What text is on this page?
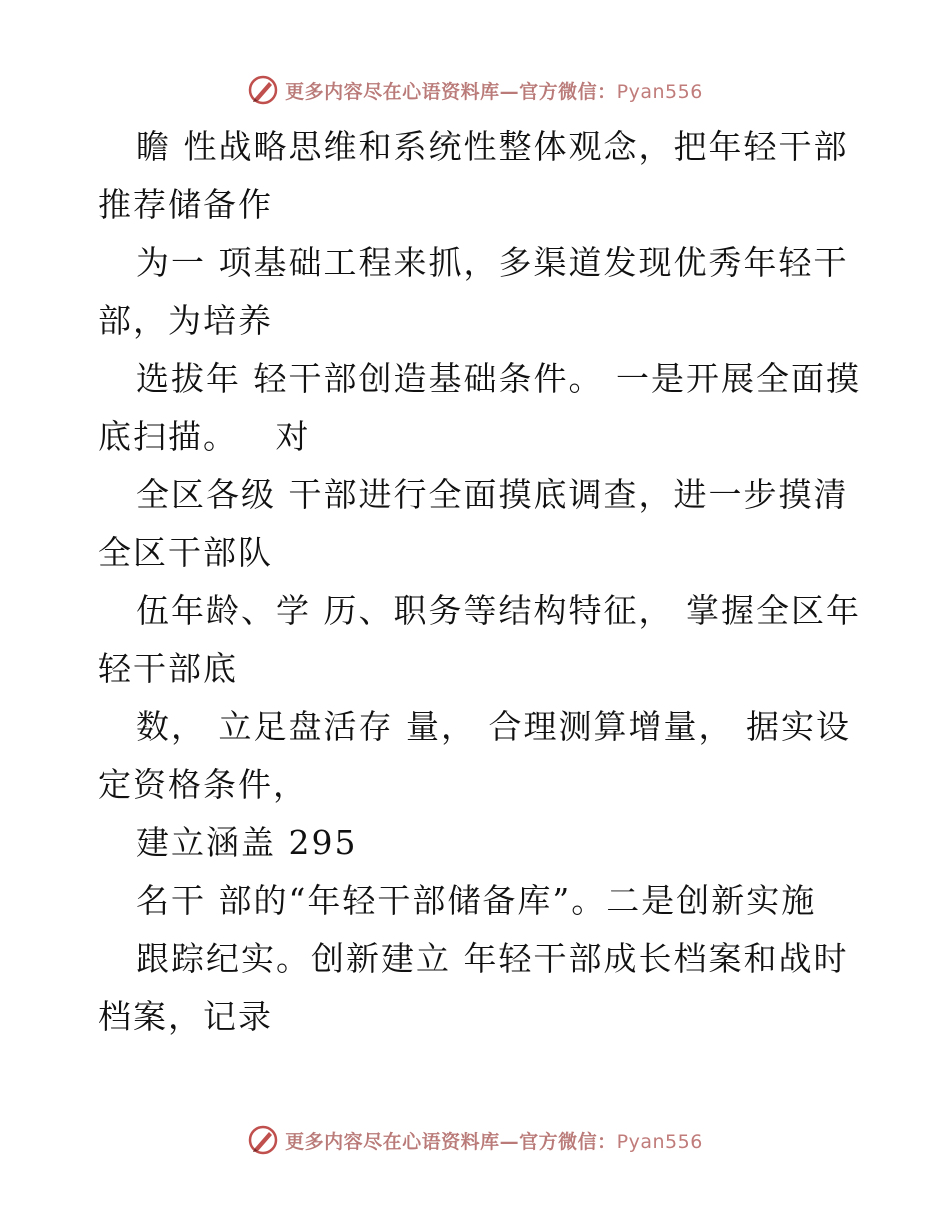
更多内容尽在心语资料库—官方微信：Pyan556
瞻 性战略思维和系统性整体观念，把年轻干部
推荐储备作
为一 项基础工程来抓，多渠道发现优秀年轻干
部，为培养
选拔年 轻干部创造基础条件。 一是开展全面摸
底扫描。   对
全区各级 干部进行全面摸底调查，进一步摸清
全区干部队
伍年龄、学 历、职务等结构特征， 掌握全区年
轻干部底
数， 立足盘活存 量， 合理测算增量， 据实设
定资格条件，
建立涵盖 295
名干 部的“年轻干部储备库”。二是创新实施
跟踪纪实。创新建立 年轻干部成长档案和战时
档案，记录
更多内容尽在心语资料库—官方微信：Pyan556
